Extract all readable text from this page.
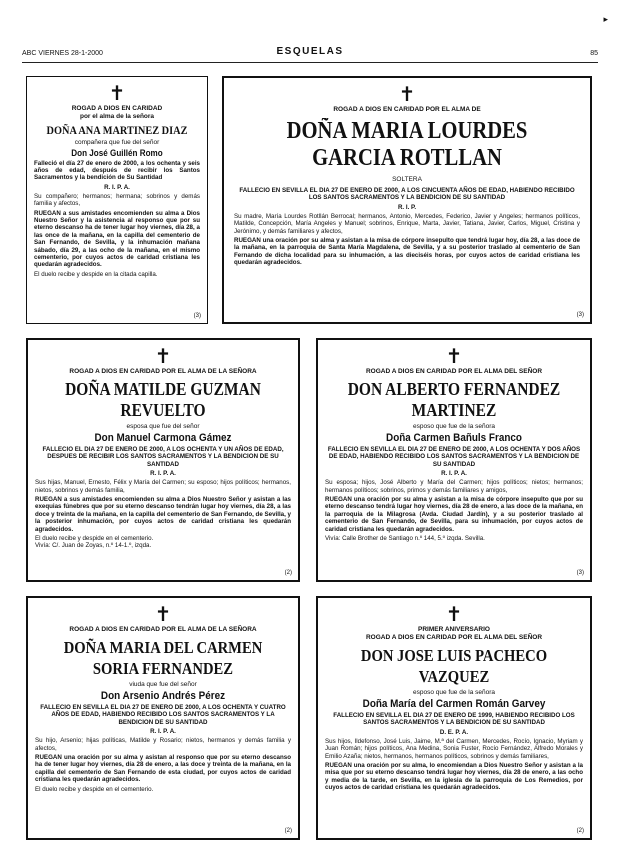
ABC VIERNES 28-1-2000	ESQUELAS	85
▸
✝
ROGAD A DIOS EN CARIDAD
por el alma de la señora
DOÑA ANA MARTINEZ DIAZ
compañera que fue del señor
Don José Guillén Romo
Falleció el día 27 de enero de 2000, a los ochenta y seis años de edad, después de recibir los Santos Sacramentos y la bendición de Su Santidad
R. I. P. A.
Su compañero; hermanos; hermana; sobrinos y demás familia y afectos,
RUEGAN a sus amistades encomienden su alma a Dios Nuestro Señor y la asistencia al responso que por su eterno descanso ha de tener lugar hoy viernes, día 28, a las once de la mañana, en la capilla del cementerio de San Fernando, de Sevilla, y la inhumación mañana sábado, día 29, a las ocho de la mañana, en el mismo cementerio, por cuyos actos de caridad cristiana les quedarán agradecidos.
El duelo recibe y despide en la citada capilla.
(3)
✝
ROGAD A DIOS EN CARIDAD POR EL ALMA DE
DOÑA MARIA LOURDES GARCIA ROTLLAN
SOLTERA
FALLECIO EN SEVILLA EL DIA 27 DE ENERO DE 2000, A LOS CINCUENTA AÑOS DE EDAD, HABIENDO RECIBIDO LOS SANTOS SACRAMENTOS Y LA BENDICION DE SU SANTIDAD
R. I. P.
Su madre, María Lourdes Rotllán Berrocal; hermanos, Antonio, Mercedes, Federico, Javier y Angeles; hermanos políticos, Matilde, Concepción, María Angeles y Manuel; sobrinos, Enrique, Marta, Javier, Tatiana, Javier, Carlos, Miguel, Cristina y Jerónimo, y demás familiares y afectos,
RUEGAN una oración por su alma y asistan a la misa de córpore insepulto que tendrá lugar hoy, día 28, a las doce de la mañana, en la parroquia de Santa María Magdalena, de Sevilla, y a su posterior traslado al cementerio de San Fernando de dicha localidad para su inhumación, a las dieciséis horas, por cuyos actos de caridad cristiana les quedarán agradecidos.
(3)
✝
ROGAD A DIOS EN CARIDAD POR EL ALMA DE LA SEÑORA
DOÑA MATILDE GUZMAN REVUELTO
esposa que fue del señor
Don Manuel Carmona Gámez
FALLECIO EL DIA 27 DE ENERO DE 2000, A LOS OCHENTA Y UN AÑOS DE EDAD, DESPUES DE RECIBIR LOS SANTOS SACRAMENTOS Y LA BENDICION DE SU SANTIDAD
R. I. P. A.
Sus hijas, Manuel, Ernesto, Félix y María del Carmen; su esposo; hijos políticos; hermanos, nietos, sobrinos y demás familia,
RUEGAN a sus amistades encomienden su alma a Dios Nuestro Señor y asistan a las exequias fúnebres que por su eterno descanso tendrán lugar hoy viernes, día 28, a las doce y treinta de la mañana, en la capilla del cementerio de San Fernando, de Sevilla, y la posterior inhumación, por cuyos actos de caridad cristiana les quedarán agradecidos.
El duelo recibe y despide en el cementerio.
Vivía: C/. Juan de Zoyas, n.º 14-1.º, izqda.
(2)
✝
ROGAD A DIOS EN CARIDAD POR EL ALMA DEL SEÑOR
DON ALBERTO FERNANDEZ MARTINEZ
esposo que fue de la señora
Doña Carmen Bañuls Franco
FALLECIO EN SEVILLA EL DIA 27 DE ENERO DE 2000, A LOS OCHENTA Y DOS AÑOS DE EDAD, HABIENDO RECIBIDO LOS SANTOS SACRAMENTOS Y LA BENDICION DE SU SANTIDAD
R. I. P. A.
Su esposa; hijos, José Alberto y María del Carmen; hijos políticos; nietos; hermanos; hermanos políticos; sobrinos, primos y demás familiares y amigos,
RUEGAN una oración por su alma y asistan a la misa de córpore insepulto que por su eterno descanso tendrá lugar hoy viernes, día 28 de enero, a las doce de la mañana, en la parroquia de la Milagrosa (Avda. Ciudad Jardín), y a su posterior traslado al cementerio de San Fernando, de Sevilla, para su inhumación, por cuyos actos de caridad cristiana les quedarán agradecidos.
Vivía: Calle Brother de Santiago n.º 144, 5.º izqda. Sevilla.
(3)
✝
ROGAD A DIOS EN CARIDAD POR EL ALMA DE LA SEÑORA
DOÑA MARIA DEL CARMEN SORIA FERNANDEZ
viuda que fue del señor
Don Arsenio Andrés Pérez
FALLECIO EN SEVILLA EL DIA 27 DE ENERO DE 2000, A LOS OCHENTA Y CUATRO AÑOS DE EDAD, HABIENDO RECIBIDO LOS SANTOS SACRAMENTOS Y LA BENDICION DE SU SANTIDAD
R. I. P. A.
Su hijo, Arsenio; hijas políticas, Matilde y Rosario; nietos, hermanos y demás familia y afectos,
RUEGAN una oración por su alma y asistan al responso que por su eterno descanso ha de tener lugar hoy viernes, día 28 de enero, a las doce y treinta de la mañana, en la capilla del cementerio de San Fernando de esta ciudad, por cuyos actos de caridad cristiana les quedarán agradecidos.
El duelo recibe y despide en el cementerio.
(2)
✝
PRIMER ANIVERSARIO
ROGAD A DIOS EN CARIDAD POR EL ALMA DEL SEÑOR
DON JOSE LUIS PACHECO VAZQUEZ
esposo que fue de la señora
Doña María del Carmen Román Garvey
FALLECIO EN SEVILLA EL DIA 27 DE ENERO DE 1999, HABIENDO RECIBIDO LOS SANTOS SACRAMENTOS Y LA BENDICION DE SU SANTIDAD
D. E. P. A.
Sus hijos, Ildefonso, José Luis, Jaime, M.ª del Carmen, Mercedes, Rocío, Ignacio, Myriam y Juan Román; hijos políticos, Ana Medina, Sonia Fuster, Rocío Fernández, Alfredo Morales y Emilio Azaña; nietos, hermanos, hermanos políticos, sobrinos y demás familiares,
RUEGAN una oración por su alma, lo encomiendan a Dios Nuestro Señor y asistan a la misa que por su eterno descanso tendrá lugar hoy viernes, día 28 de enero, a las ocho y media de la tarde, en Sevilla, en la iglesia de la parroquia de Los Remedios, por cuyos actos de caridad cristiana les quedarán agradecidos.
(2)
